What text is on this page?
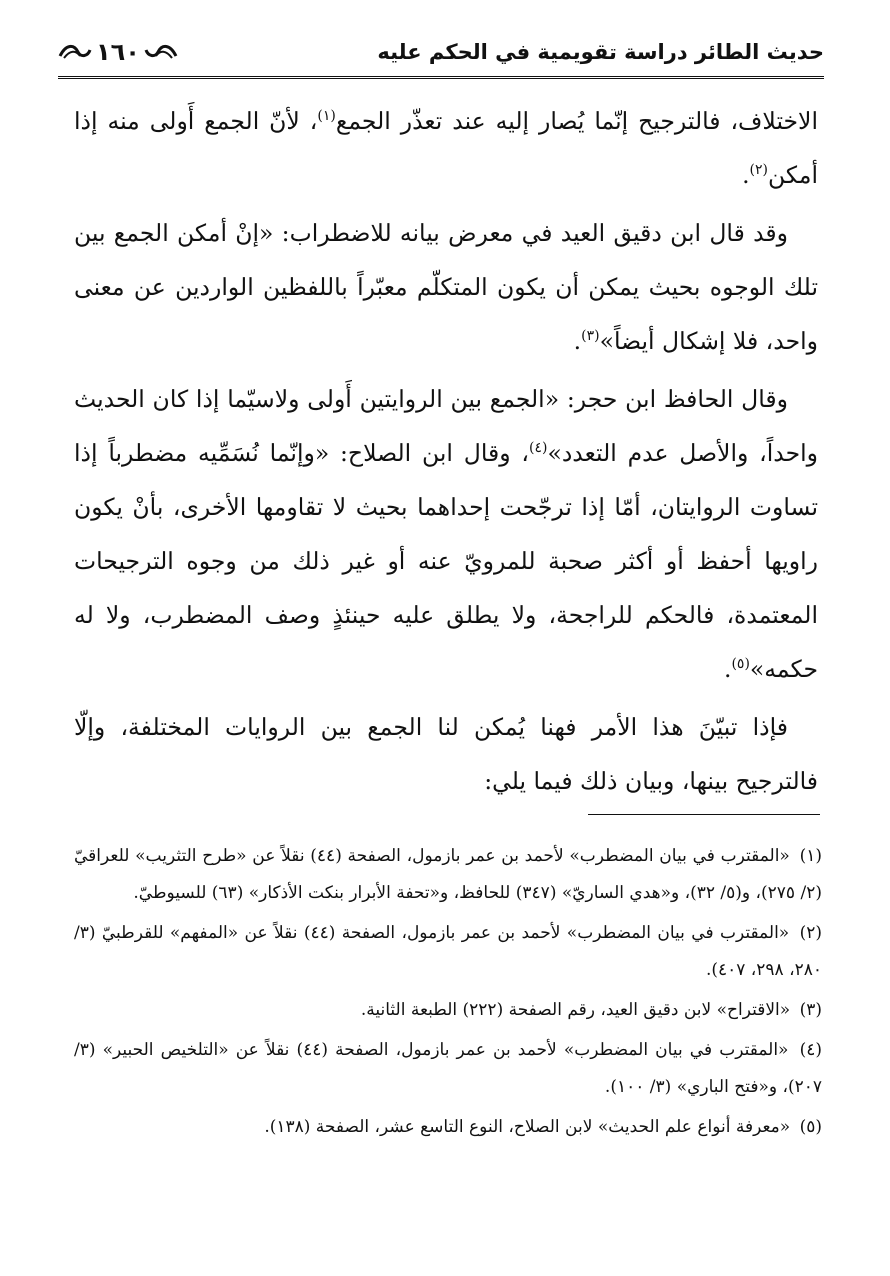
حديث الطائر دراسة تقويمية في الحكم عليه
١٦٠

الاختلاف، فالترجيح إنّما يُصار إليه عند تعذّر الجمع$^{(١)}$، لأنّ الجمع أَولى منه إذا أمكن$^{(٢)}$.

وقد قال ابن دقيق العيد في معرض بيانه للاضطراب: «إنْ أمكن الجمع بين تلك الوجوه بحيث يمكن أن يكون المتكلّم معبّراً باللفظين الواردين عن معنى واحد، فلا إشكال أيضاً»$^{(٣)}$.

وقال الحافظ ابن حجر: «الجمع بين الروايتين أَولى ولاسيّما إذا كان الحديث واحداً، والأصل عدم التعدد»$^{(٤)}$، وقال ابن الصلاح: «وإنّما نُسَمِّيه مضطرباً إذا تساوت الروايتان، أمّا إذا ترجّحت إحداهما بحيث لا تقاومها الأخرى، بأنْ يكون راويها أحفظ أو أكثر صحبة للمرويّ عنه أو غير ذلك من وجوه الترجيحات المعتمدة، فالحكم للراجحة، ولا يطلق عليه حينئذٍ وصف المضطرب، ولا له حكمه»$^{(٥)}$.

فإذا تبيّنَ هذا الأمر فهنا يُمكن لنا الجمع بين الروايات المختلفة، وإلّا فالترجيح بينها، وبيان ذلك فيما يلي:

(١) «المقترب في بيان المضطرب» لأحمد بن عمر بازمول، الصفحة (٤٤) نقلاً عن «طرح التثريب» للعراقيّ (٢/ ٢٧٥)، و(٥/ ٣٢)، و«هدي الساريّ» (٣٤٧) للحافظ، و«تحفة الأبرار بنكت الأذكار» (٦٣) للسيوطيّ.

(٢) «المقترب في بيان المضطرب» لأحمد بن عمر بازمول، الصفحة (٤٤) نقلاً عن «المفهم» للقرطبيّ (٣/ ٢٨٠، ٢٩٨، ٤٠٧).

(٣) «الاقتراح» لابن دقيق العيد، رقم الصفحة (٢٢٢) الطبعة الثانية.

(٤) «المقترب في بيان المضطرب» لأحمد بن عمر بازمول، الصفحة (٤٤) نقلاً عن «التلخيص الحبير» (٣/ ٢٠٧)، و«فتح الباري» (٣/ ١٠٠).

(٥) «معرفة أنواع علم الحديث» لابن الصلاح، النوع التاسع عشر، الصفحة (١٣٨).
